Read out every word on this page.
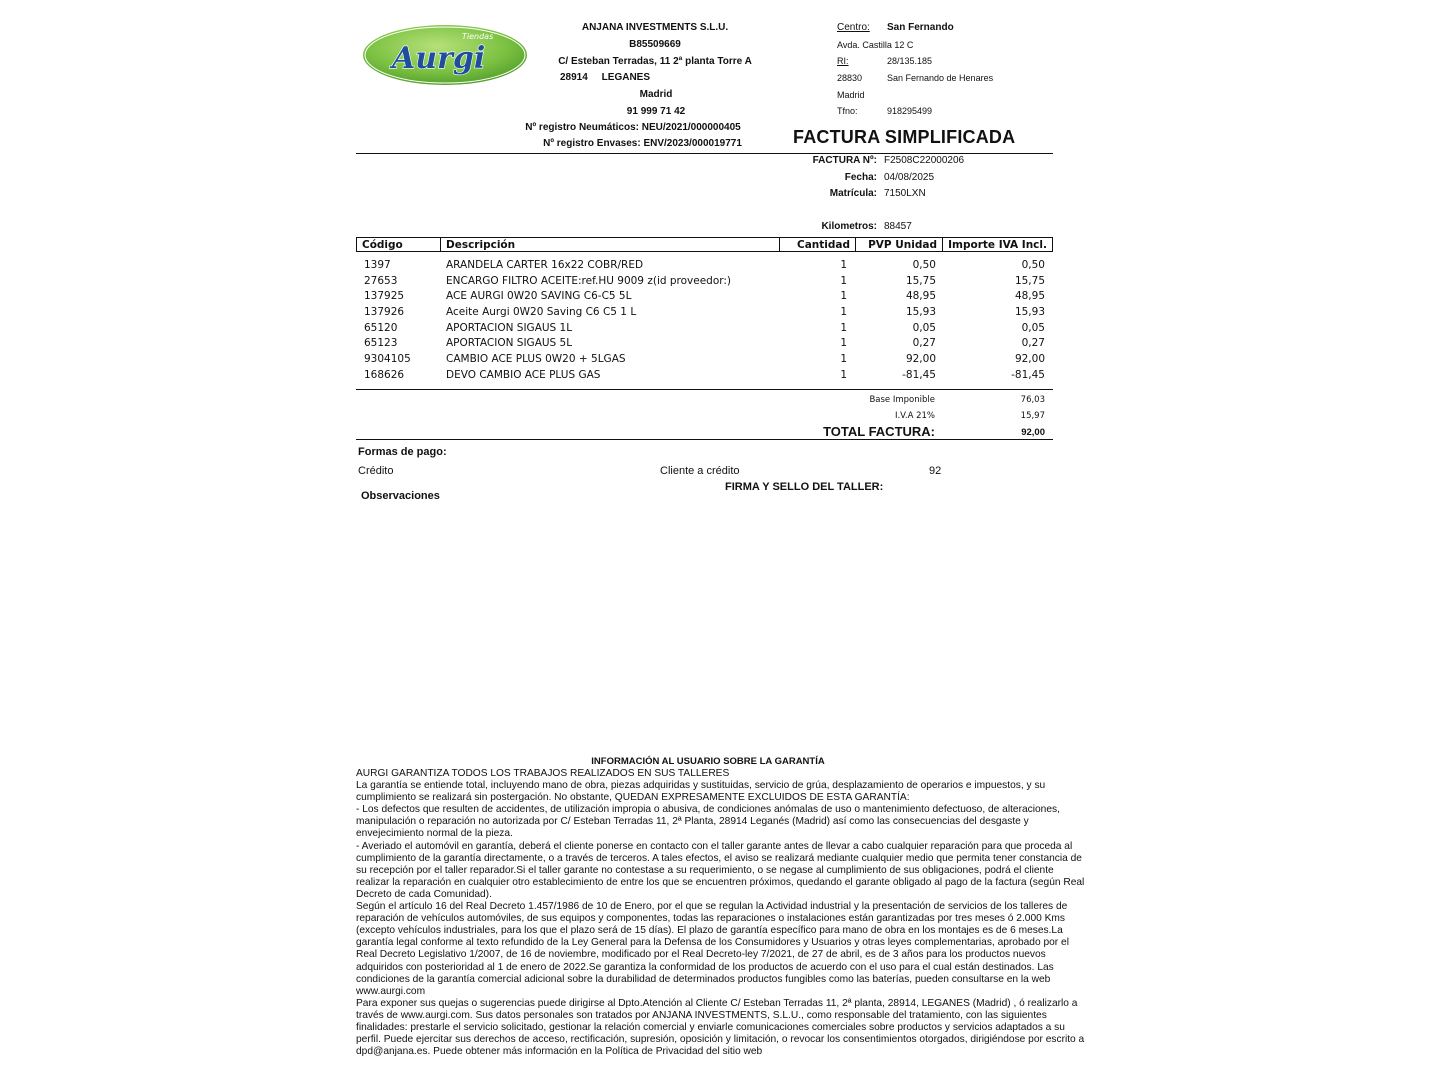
Tiendas
Aurgi
ANJANA INVESTMENTS S.L.U.
B85509669
C/ Esteban Terradas, 11 2ª planta Torre A
28914     LEGANES
Madrid
91 999 71 42
Nº registro Neumáticos: NEU/2021/000000405
Nº registro Envases: ENV/2023/000019771
Centro: San Fernando
Avda. Castilla 12 C
RI:	28/135.185
28830	San Fernando de Henares
Madrid
Tfno:	918295499
FACTURA SIMPLIFICADA
FACTURA Nº: F2508C22000206
Fecha: 04/08/2025
Matrícula: 7150LXN
Kilometros: 88457
Código	Descripción	Cantidad	PVP Unidad	Importe IVA Incl.
1397	ARANDELA CARTER 16x22 COBR/RED	1	0,50	0,50
27653	ENCARGO FILTRO ACEITE:ref.HU 9009 z(id proveedor:)	1	15,75	15,75
137925	ACE AURGI 0W20 SAVING C6-C5 5L	1	48,95	48,95
137926	Aceite Aurgi 0W20 Saving C6 C5 1 L	1	15,93	15,93
65120	APORTACION SIGAUS 1L	1	0,05	0,05
65123	APORTACION SIGAUS 5L	1	0,27	0,27
9304105	CAMBIO ACE PLUS 0W20 + 5LGAS	1	92,00	92,00
168626	DEVO CAMBIO ACE PLUS GAS	1	-81,45	-81,45
Base Imponible	76,03
I.V.A 21%	15,97
TOTAL FACTURA:	92,00
Formas de pago:
Crédito	Cliente a crédito	92
FIRMA Y SELLO DEL TALLER:
Observaciones
INFORMACIÓN AL USUARIO SOBRE LA GARANTÍA

AURGI GARANTIZA TODOS LOS TRABAJOS REALIZADOS EN SUS TALLERES

La garantía se entiende total, incluyendo mano de obra, piezas adquiridas y sustituidas, servicio de grúa, desplazamiento de operarios e impuestos, y su cumplimiento se realizará sin postergación. No obstante, QUEDAN EXPRESAMENTE EXCLUIDOS DE ESTA GARANTÍA:

- Los defectos que resulten de accidentes, de utilización impropia o abusiva, de condiciones anómalas de uso o mantenimiento defectuoso, de alteraciones, manipulación o reparación no autorizada por C/ Esteban Terradas 11, 2ª Planta, 28914 Leganés (Madrid) así como las consecuencias del desgaste y envejecimiento normal de la pieza.

- Averiado el automóvil en garantía, deberá el cliente ponerse en contacto con el taller garante antes de llevar a cabo cualquier reparación para que proceda al cumplimiento de la garantía directamente, o a través de terceros. A tales efectos, el aviso se realizará mediante cualquier medio que permita tener constancia de su recepción por el taller reparador.Si el taller garante no contestase a su requerimiento, o se negase al cumplimiento de sus obligaciones, podrá el cliente realizar la reparación en cualquier otro establecimiento de entre los que se encuentren próximos, quedando el garante obligado al pago de la factura (según Real Decreto de cada Comunidad).

Según el artículo 16 del Real Decreto 1.457/1986 de 10 de Enero, por el que se regulan la Actividad industrial y la presentación de servicios de los talleres de reparación de vehículos automóviles, de sus equipos y componentes, todas las reparaciones o instalaciones están garantizadas por tres meses ó 2.000 Kms (excepto vehículos industriales, para los que el plazo será de 15 días). El plazo de garantía específico para mano de obra en los montajes es de 6 meses.La garantía legal conforme al texto refundido de la Ley General para la Defensa de los Consumidores y Usuarios y otras leyes complementarias, aprobado por el Real Decreto Legislativo 1/2007, de 16 de noviembre, modificado por el Real Decreto-ley 7/2021, de 27 de abril, es de 3 años para los productos nuevos adquiridos con posterioridad al 1 de enero de 2022.Se garantiza la conformidad de los productos de acuerdo con el uso para el cual están destinados. Las condiciones de la garantía comercial adicional sobre la durabilidad de determinados productos fungibles como las baterías, pueden consultarse en la web www.aurgi.com

Para exponer sus quejas o sugerencias puede dirigirse al Dpto.Atención al Cliente C/ Esteban Terradas 11, 2ª planta, 28914, LEGANES (Madrid) , ó realizarlo a través de www.aurgi.com. Sus datos personales son tratados por ANJANA INVESTMENTS, S.L.U., como responsable del tratamiento, con las siguientes finalidades: prestarle el servicio solicitado, gestionar la relación comercial y enviarle comunicaciones comerciales sobre productos y servicios adaptados a su perfil. Puede ejercitar sus derechos de acceso, rectificación, supresión, oposición y limitación, o revocar los consentimientos otorgados, dirigiéndose por escrito a dpd@anjana.es. Puede obtener más información en la Política de Privacidad del sitio web
